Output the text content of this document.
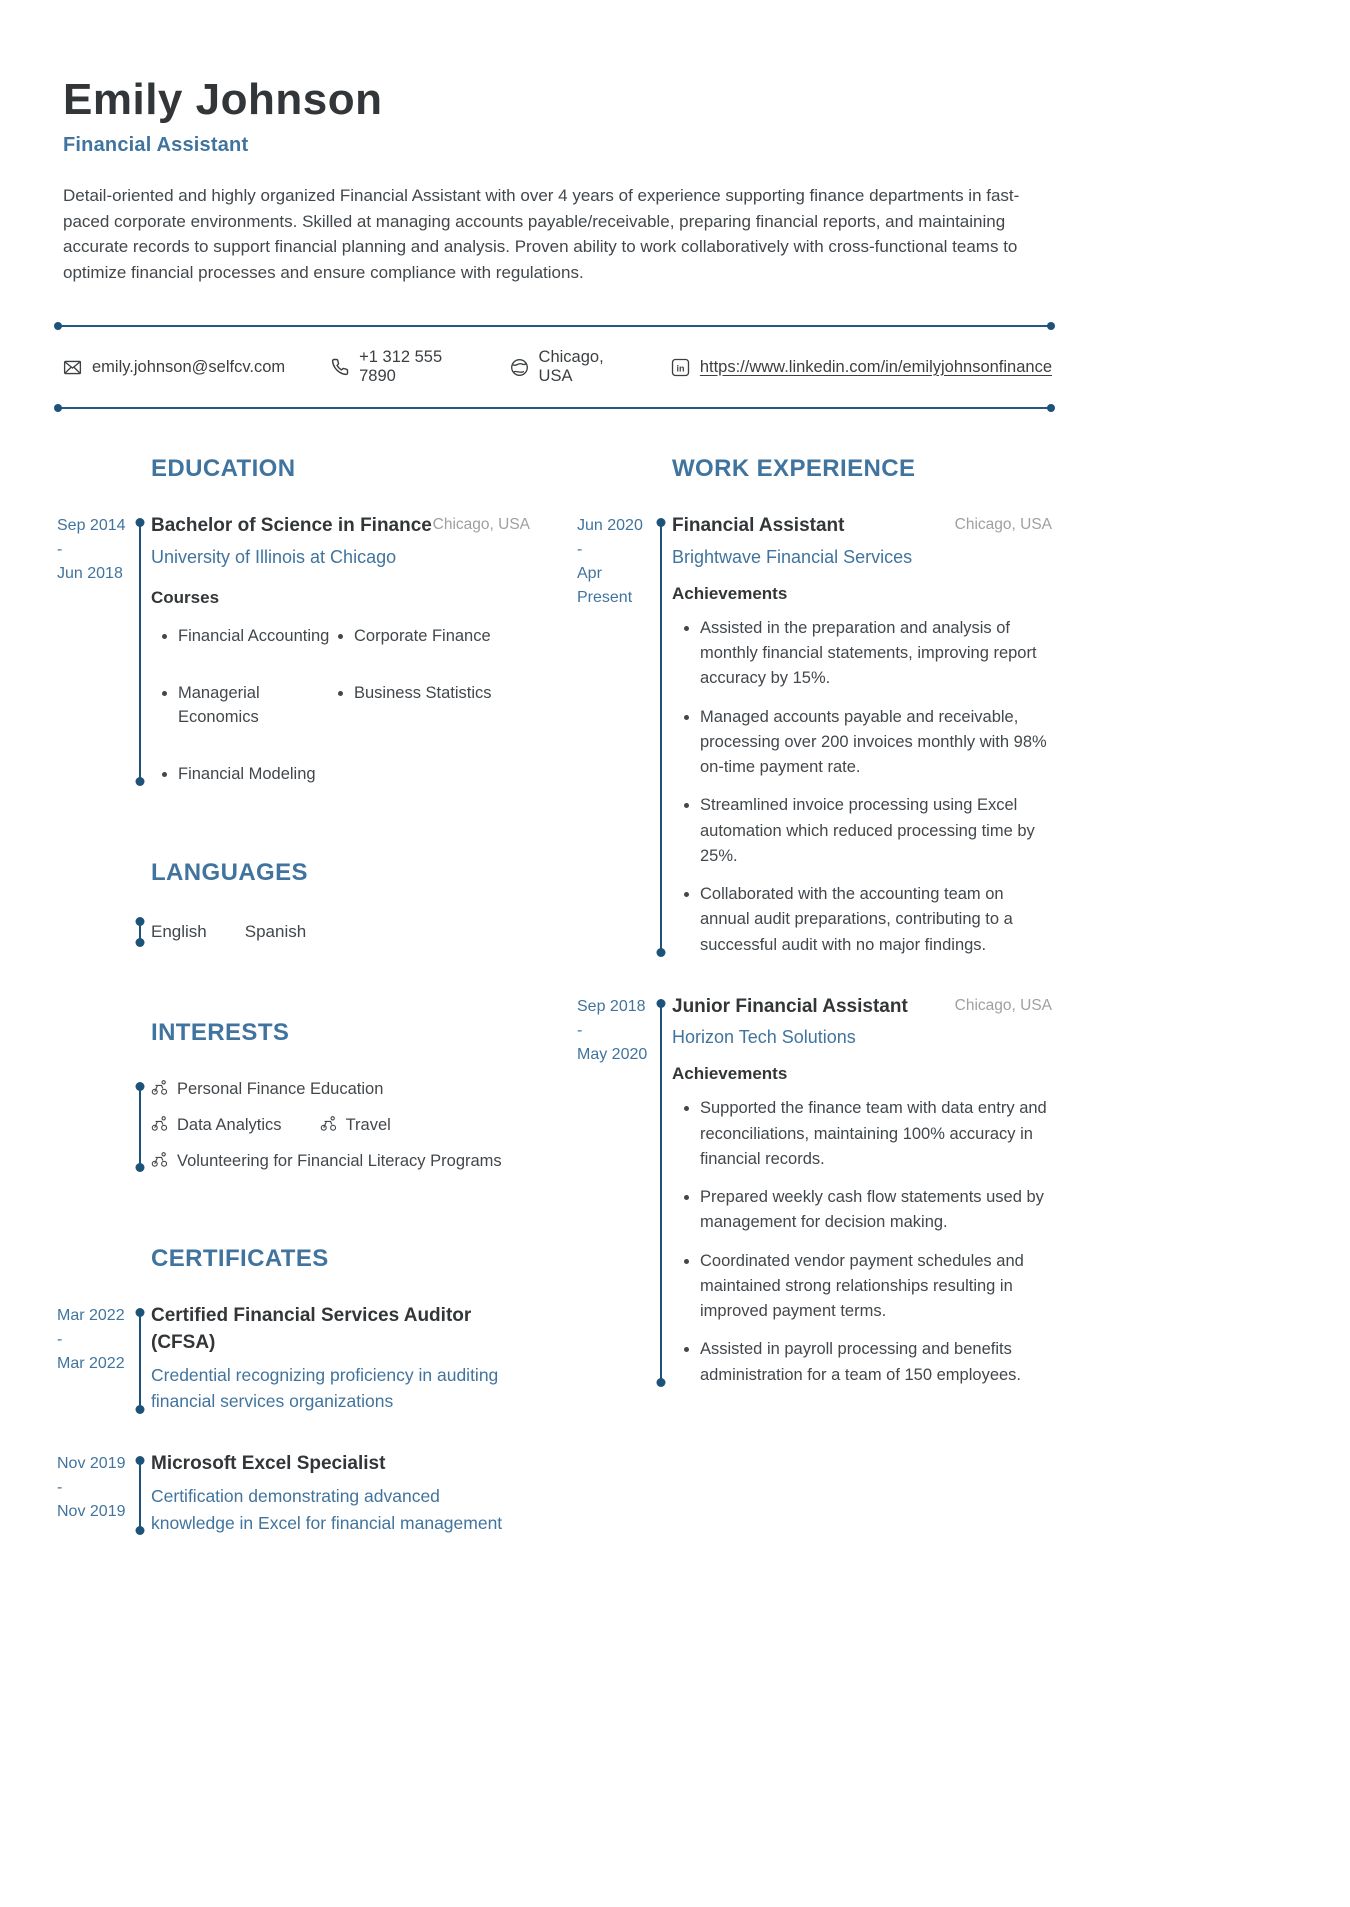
Emily Johnson
Financial Assistant

Detail-oriented and highly organized Financial Assistant with over 4 years of experience supporting finance departments in fast-paced corporate environments. Skilled at managing accounts payable/receivable, preparing financial reports, and maintaining accurate records to support financial planning and analysis. Proven ability to work collaboratively with cross-functional teams to optimize financial processes and ensure compliance with regulations.

emily.johnson@selfcv.com
+1 312 555 7890
Chicago, USA	in https://www.linkedin.com/in/emilyjohnsonfinance
EDUCATION
Sep 2014
-
Jun 2018
Bachelor of Science in Finance Chicago, USA
University of Illinois at Chicago
Courses
• Financial Accounting	• Corporate Finance
• Managerial Economics
• Business Statistics
• Financial Modeling
LANGUAGES
English Spanish
INTERESTS
Personal Finance Education
Data Analytics	Travel
Volunteering for Financial Literacy Programs
CERTIFICATES
Mar 2022
-
Mar 2022
Certified Financial Services Auditor (CFSA)
Credential recognizing proficiency in auditing financial services organizations
Nov 2019
-
Nov 2019
Microsoft Excel Specialist
Certification demonstrating advanced knowledge in Excel for financial management
WORK EXPERIENCE
Jun 2020
-
Apr
Present
Financial Assistant	Chicago, USA
Brightwave Financial Services
Achievements
• Assisted in the preparation and analysis of monthly financial statements, improving report accuracy by 15%.
• Managed accounts payable and receivable, processing over 200 invoices monthly with 98% on-time payment rate.
• Streamlined invoice processing using Excel automation which reduced processing time by 25%.
• Collaborated with the accounting team on annual audit preparations, contributing to a successful audit with no major findings.
Sep 2018
-
May 2020
Junior Financial Assistant	Chicago, USA
Horizon Tech Solutions
Achievements
• Supported the finance team with data entry and reconciliations, maintaining 100% accuracy in financial records.
• Prepared weekly cash flow statements used by management for decision making.
• Coordinated vendor payment schedules and maintained strong relationships resulting in improved payment terms.
• Assisted in payroll processing and benefits administration for a team of 150 employees.
